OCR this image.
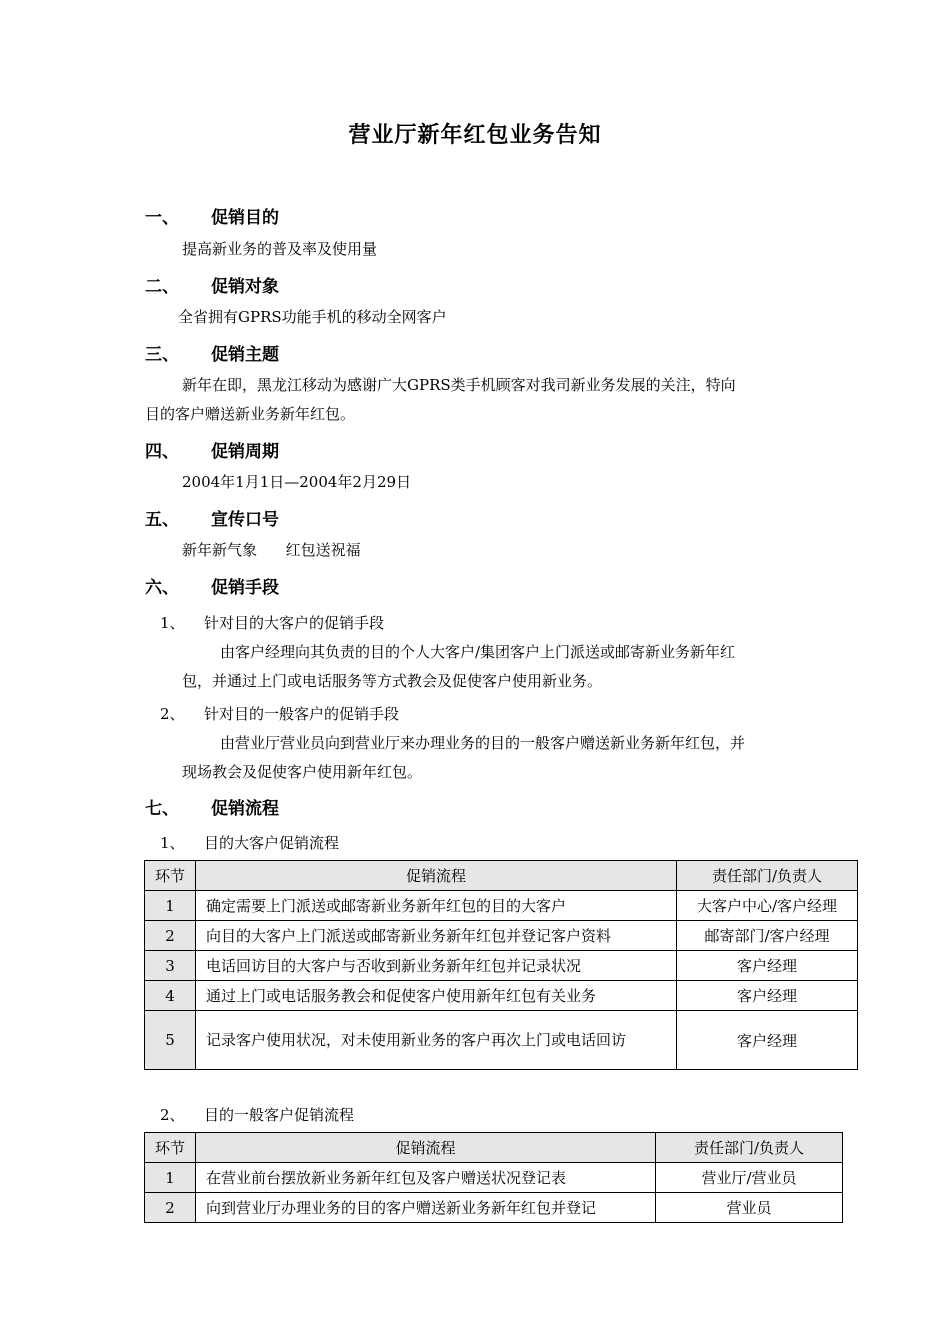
营业厅新年红包业务告知
一、 促销目的
提高新业务的普及率及使用量
二、 促销对象
全省拥有GPRS功能手机的移动全网客户
三、 促销主题
新年在即，黑龙江移动为感谢广大GPRS类手机顾客对我司新业务发展的关注，特向
目的客户赠送新业务新年红包。
四、 促销周期
2004年1月1日—2004年2月29日
五、 宣传口号
新年新气象      红包送祝福
六、 促销手段
1、 针对目的大客户的促销手段
由客户经理向其负责的目的个人大客户/集团客户上门派送或邮寄新业务新年红
包，并通过上门或电话服务等方式教会及促使客户使用新业务。
2、 针对目的一般客户的促销手段
由营业厅营业员向到营业厅来办理业务的目的一般客户赠送新业务新年红包，并
现场教会及促使客户使用新年红包。
七、 促销流程
1、 目的大客户促销流程
环节	促销流程	责任部门/负责人
1	确定需要上门派送或邮寄新业务新年红包的目的大客户	大客户中心/客户经理
2	向目的大客户上门派送或邮寄新业务新年红包并登记客户资料	邮寄部门/客户经理
3	电话回访目的大客户与否收到新业务新年红包并记录状况	客户经理
4	通过上门或电话服务教会和促使客户使用新年红包有关业务	客户经理
5	记录客户使用状况，对未使用新业务的客户再次上门或电话回访	客户经理
2、 目的一般客户促销流程
环节	促销流程	责任部门/负责人
1	在营业前台摆放新业务新年红包及客户赠送状况登记表	营业厅/营业员
2	向到营业厅办理业务的目的客户赠送新业务新年红包并登记	营业员
